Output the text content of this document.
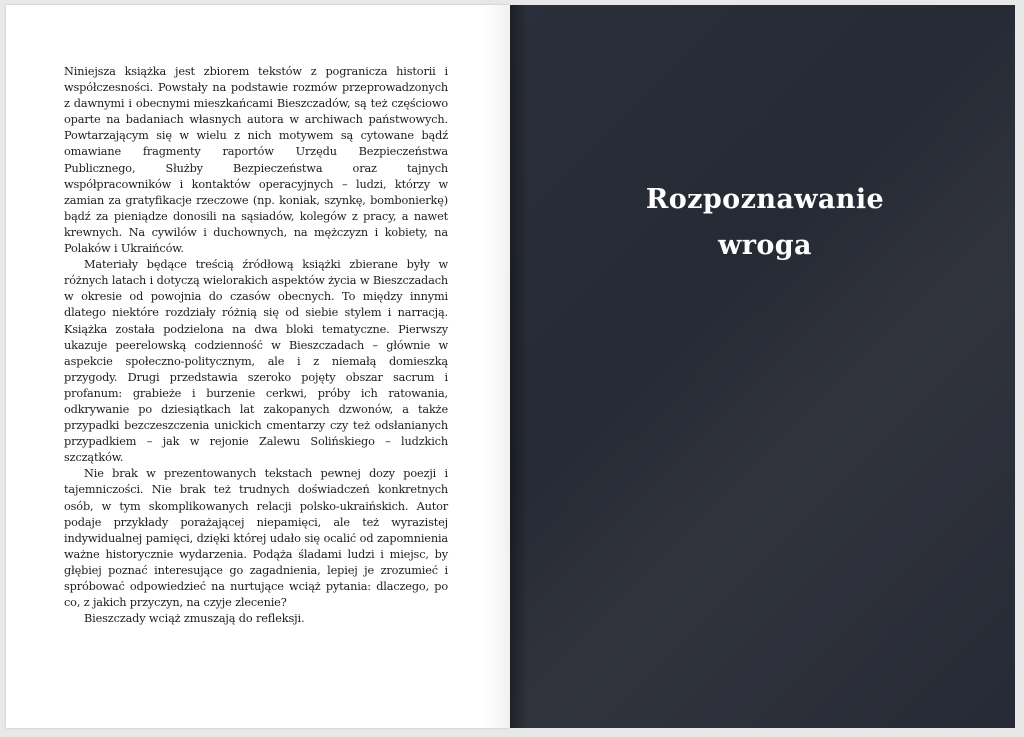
Niniejsza książka jest zbiorem tekstów z pogranicza historii i współczesności. Powstały na podstawie rozmów przeprowadzonych z dawnymi i obecnymi mieszkańcami Bieszczadów, są też częściowo oparte na badaniach własnych autora w archiwach państwowych. Powtarzającym się w wielu z nich motywem są cytowane bądź omawiane fragmenty raportów Urzędu Bezpieczeństwa Publicznego, Służby Bezpieczeństwa oraz tajnych współpracowników i kontaktów operacyjnych – ludzi, którzy w zamian za gratyfikacje rzeczowe (np. koniak, szynkę, bombonierkę) bądź za pieniądze donosili na sąsiadów, kolegów z pracy, a nawet krewnych. Na cywilów i duchownych, na mężczyzn i kobiety, na Polaków i Ukraińców.

Materiały będące treścią źródłową książki zbierane były w różnych latach i dotyczą wielorakich aspektów życia w Bieszczadach w okresie od powojnia do czasów obecnych. To między innymi dlatego niektóre rozdziały różnią się od siebie stylem i narracją. Książka została podzielona na dwa bloki tematyczne. Pierwszy ukazuje peerelowską codzienność w Bieszczadach – głównie w aspekcie społeczno-politycznym, ale i z niemałą domieszką przygody. Drugi przedstawia szeroko pojęty obszar sacrum i profanum: grabieże i burzenie cerkwi, próby ich ratowania, odkrywanie po dziesiątkach lat zakopanych dzwonów, a także przypadki bezczeszczenia unickich cmentarzy czy też odsłanianych przypadkiem – jak w rejonie Zalewu Solińskiego – ludzkich szczątków.

Nie brak w prezentowanych tekstach pewnej dozy poezji i tajemniczości. Nie brak też trudnych doświadczeń konkretnych osób, w tym skomplikowanych relacji polsko-ukraińskich. Autor podaje przykłady porażającej niepamięci, ale też wyrazistej indywidualnej pamięci, dzięki której udało się ocalić od zapomnienia ważne historycznie wydarzenia. Podąża śladami ludzi i miejsc, by głębiej poznać interesujące go zagadnienia, lepiej je zrozumieć i spróbować odpowiedzieć na nurtujące wciąż pytania: dlaczego, po co, z jakich przyczyn, na czyje zlecenie?

Bieszczady wciąż zmuszają do refleksji.

Rozpoznawanie
wroga
